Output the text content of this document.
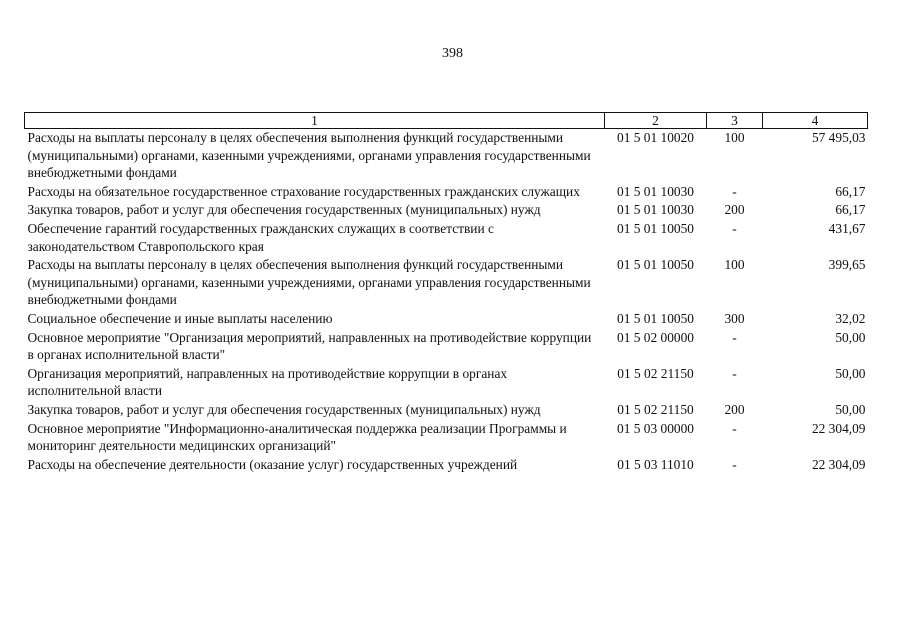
398
1	2	3	4
Расходы на выплаты персоналу в целях обеспечения выполнения функций государственными (муниципальными) органами, казенными учреждениями, органами управления государственными внебюджетными фондами	01 5 01 10020	100	57 495,03
Расходы на обязательное государственное страхование государственных гражданских служащих	01 5 01 10030	-	66,17
Закупка товаров, работ и услуг для обеспечения государственных (муниципальных) нужд	01 5 01 10030	200	66,17
Обеспечение гарантий государственных гражданских служащих в соответствии с законодательством Ставропольского края	01 5 01 10050	-	431,67
Расходы на выплаты персоналу в целях обеспечения выполнения функций государственными (муниципальными) органами, казенными учреждениями, органами управления государственными внебюджетными фондами	01 5 01 10050	100	399,65
Социальное обеспечение и иные выплаты населению	01 5 01 10050	300	32,02
Основное мероприятие "Организация мероприятий, направленных на противодействие коррупции в органах исполнительной власти"	01 5 02 00000	-	50,00
Организация мероприятий, направленных на противодействие коррупции в органах исполнительной власти	01 5 02 21150	-	50,00
Закупка товаров, работ и услуг для обеспечения государственных (муниципальных) нужд	01 5 02 21150	200	50,00
Основное мероприятие "Информационно-аналитическая поддержка реализации Программы и мониторинг деятельности медицинских организаций"	01 5 03 00000	-	22 304,09
Расходы на обеспечение деятельности (оказание услуг) государственных учреждений	01 5 03 11010	-	22 304,09
